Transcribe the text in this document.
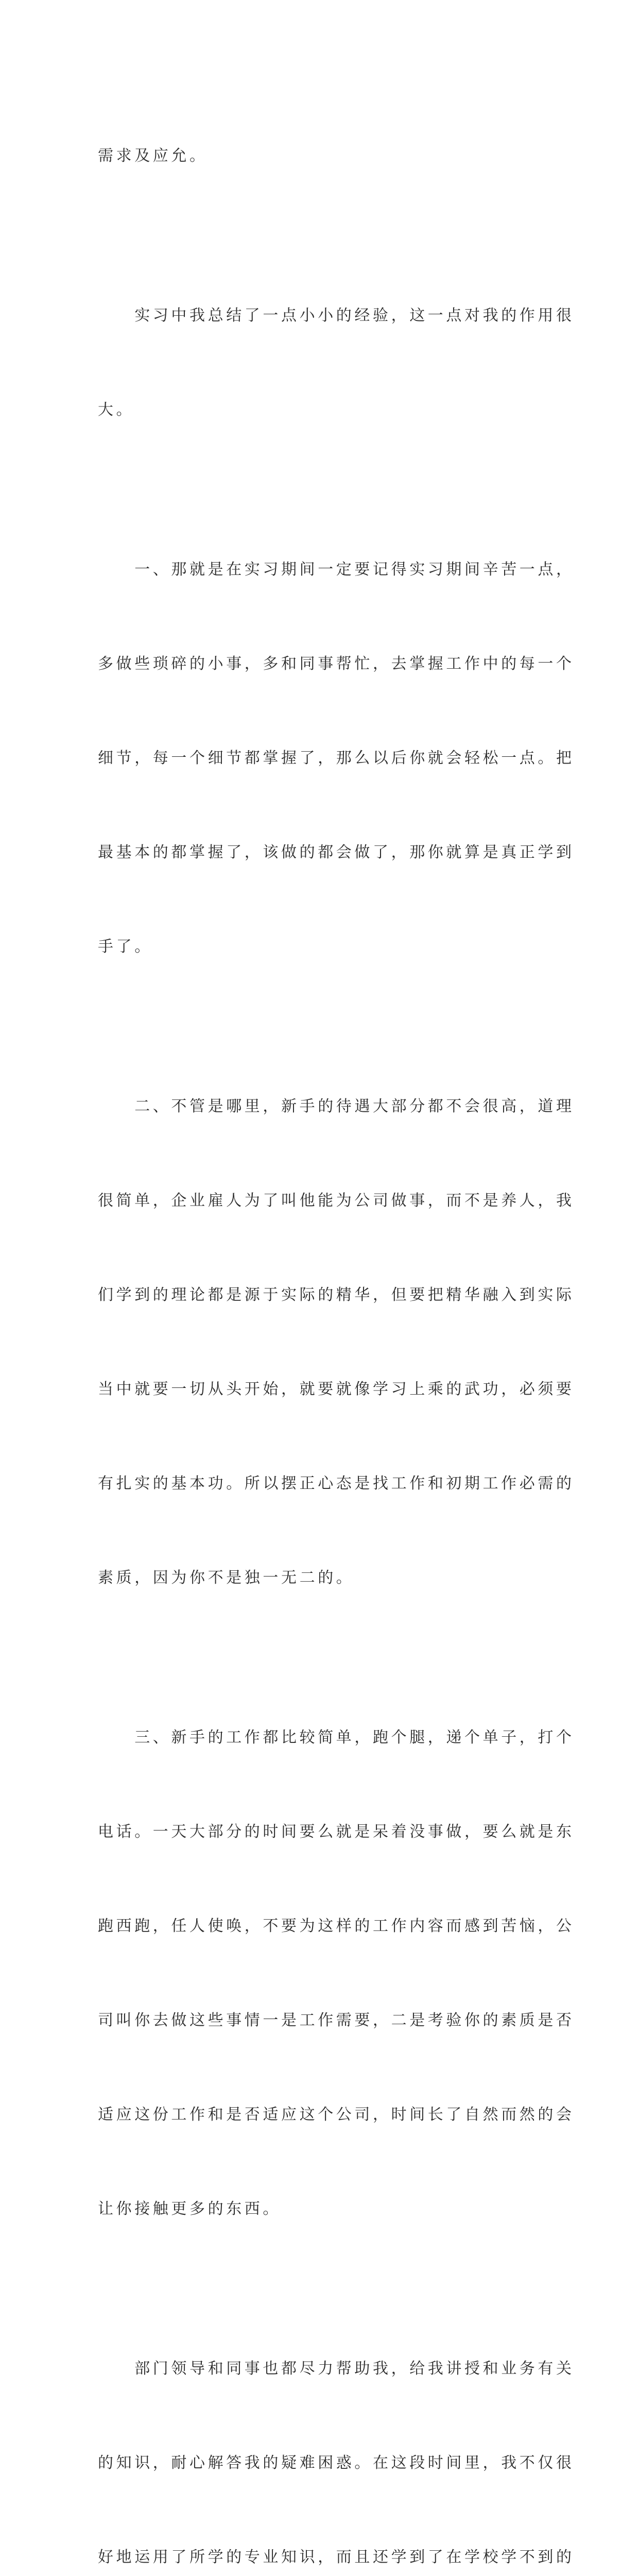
需求及应允。

　　实习中我总结了一点小小的经验，这一点对我的作用很

大。

　　一、那就是在实习期间一定要记得实习期间辛苦一点，

多做些琐碎的小事，多和同事帮忙，去掌握工作中的每一个

细节，每一个细节都掌握了，那么以后你就会轻松一点。把

最基本的都掌握了，该做的都会做了，那你就算是真正学到

手了。

　　二、不管是哪里，新手的待遇大部分都不会很高，道理

很简单，企业雇人为了叫他能为公司做事，而不是养人，我

们学到的理论都是源于实际的精华，但要把精华融入到实际

当中就要一切从头开始，就要就像学习上乘的武功，必须要

有扎实的基本功。所以摆正心态是找工作和初期工作必需的

素质，因为你不是独一无二的。

　　三、新手的工作都比较简单，跑个腿，递个单子，打个

电话。一天大部分的时间要么就是呆着没事做，要么就是东

跑西跑，任人使唤，不要为这样的工作内容而感到苦恼，公

司叫你去做这些事情一是工作需要，二是考验你的素质是否

适应这份工作和是否适应这个公司，时间长了自然而然的会

让你接触更多的东西。

　　部门领导和同事也都尽力帮助我，给我讲授和业务有关

的知识，耐心解答我的疑难困惑。在这段时间里，我不仅很

好地运用了所学的专业知识，而且还学到了在学校学不到的
